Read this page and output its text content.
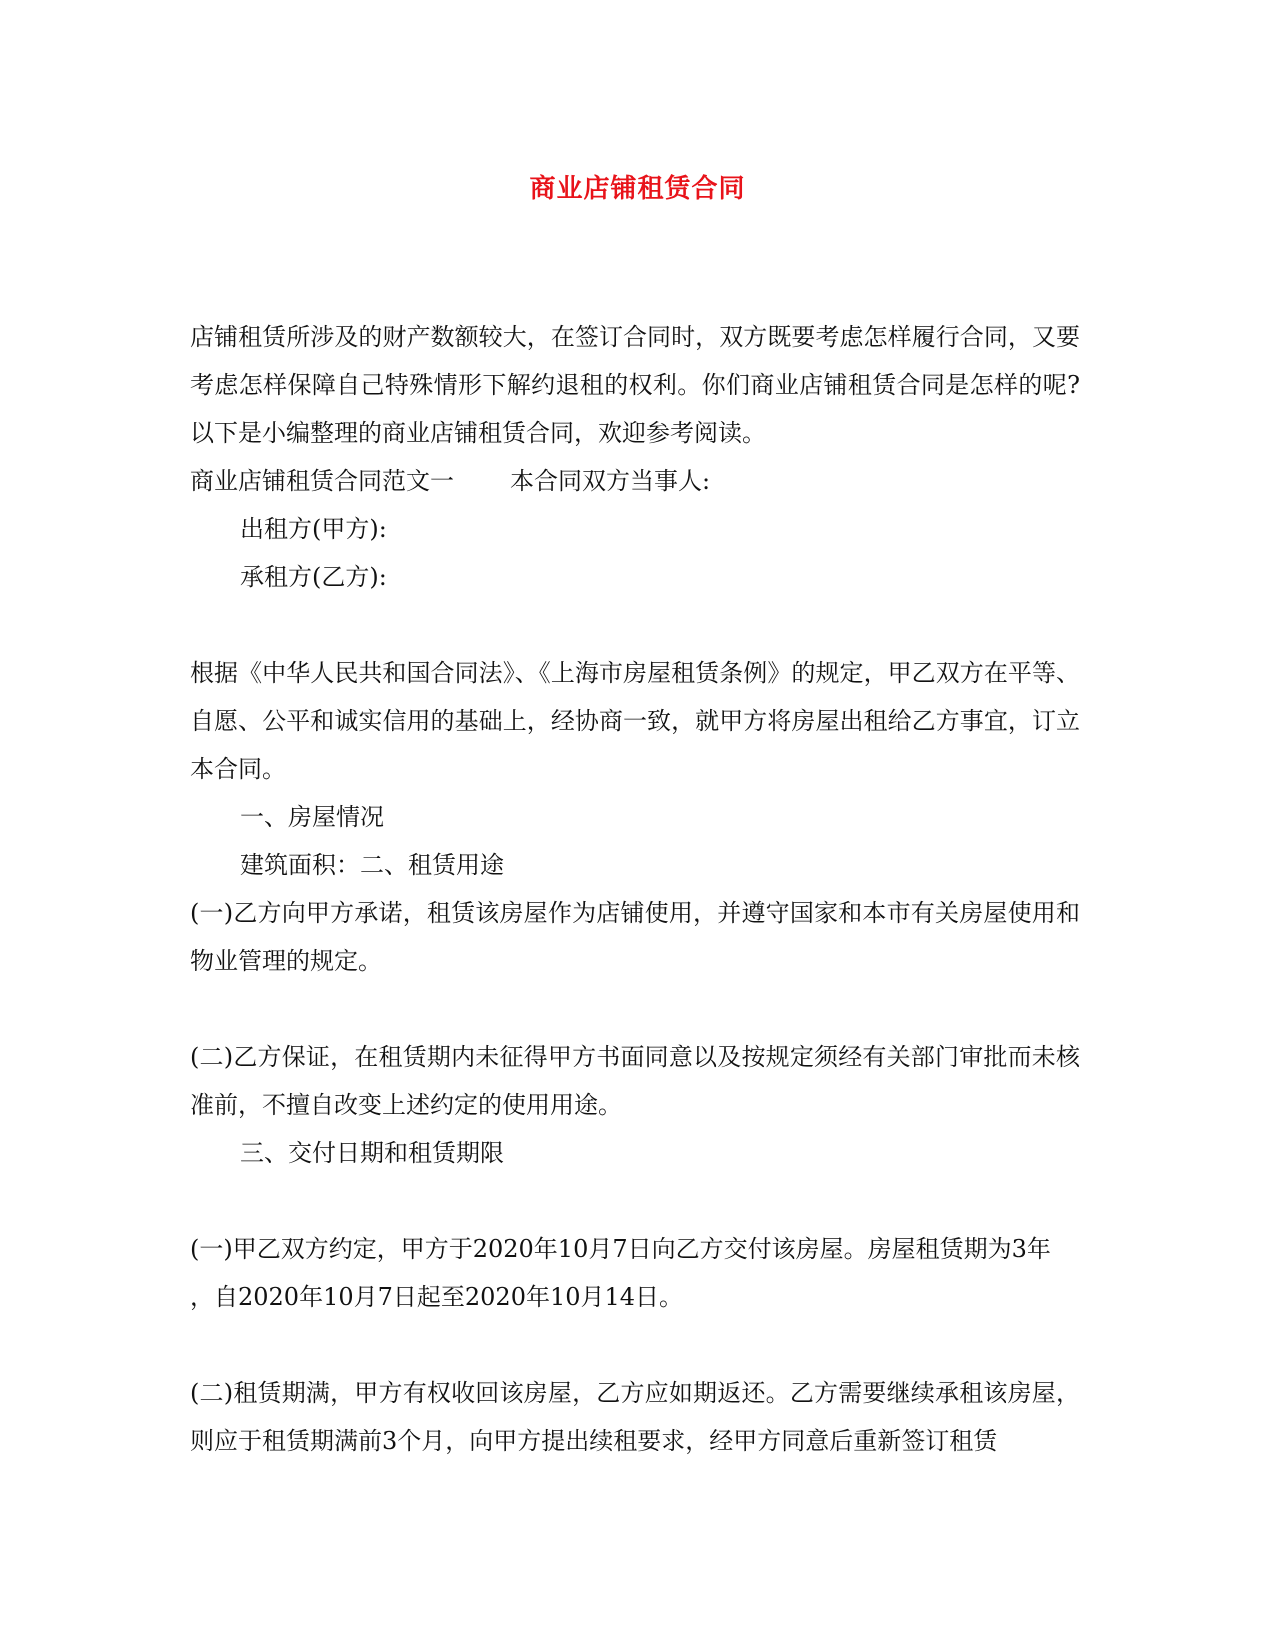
商业店铺租赁合同

店铺租赁所涉及的财产数额较大，在签订合同时，双方既要考虑怎样履行合同，又要考虑怎样保障自己特殊情形下解约退租的权利。你们商业店铺租赁合同是怎样的呢?以下是小编整理的商业店铺租赁合同，欢迎参考阅读。

商业店铺租赁合同范文一 本合同双方当事人:

出租方(甲方):

承租方(乙方):

根据《中华人民共和国合同法》、《上海市房屋租赁条例》的规定，甲乙双方在平等、自愿、公平和诚实信用的基础上，经协商一致，就甲方将房屋出租给乙方事宜，订立本合同。

一、房屋情况

建筑面积：二、租赁用途

(一)乙方向甲方承诺，租赁该房屋作为店铺使用，并遵守国家和本市有关房屋使用和物业管理的规定。

(二)乙方保证，在租赁期内未征得甲方书面同意以及按规定须经有关部门审批而未核准前，不擅自改变上述约定的使用用途。

三、交付日期和租赁期限

(一)甲乙双方约定，甲方于2020年10月7日向乙方交付该房屋。房屋租赁期为3年

，自2020年10月7日起至2020年10月14日。

(二)租赁期满，甲方有权收回该房屋，乙方应如期返还。乙方需要继续承租该房屋，则应于租赁期满前3个月，向甲方提出续租要求，经甲方同意后重新签订租赁
